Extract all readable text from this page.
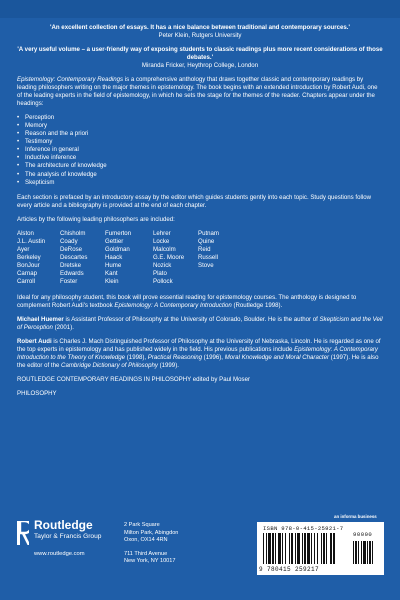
'An excellent collection of essays. It has a nice balance between traditional and contemporary sources.'
Peter Klein, Rutgers University
'A very useful volume – a user-friendly way of exposing students to classic readings plus more recent considerations of those debates.'
Miranda Fricker, Heythrop College, London

Epistemology: Contemporary Readings is a comprehensive anthology that draws together classic and contemporary readings by leading philosophers writing on the major themes in epistemology. The book begins with an extended introduction by Robert Audi, one of the leading experts in the field of epistemology, in which he sets the stage for the themes of the reader. Chapters appear under the headings:

• Perception
• Memory
• Reason and the a priori
• Testimony
• Inference in general
• Inductive inference
• The architecture of knowledge
• The analysis of knowledge
• Skepticism

Each section is prefaced by an introductory essay by the editor which guides students gently into each topic. Study questions follow every article and a bibliography is provided at the end of each chapter.

Articles by the following leading philosophers are included:

Alston
J.L. Austin
Ayer
Berkeley
BonJour
Carnap
Carroll
Chisholm
Coady
DeRose
Descartes
Dretske
Edwards
Foster
Fumerton
Gettier
Goldman
Haack
Hume
Kant
Klein
Lehrer
Locke
Malcolm
G.E. Moore
Nozick
Plato
Pollock
Putnam
Quine
Reid
Russell
Stove

Ideal for any philosophy student, this book will prove essential reading for epistemology courses. The anthology is designed to complement Robert Audi's textbook Epistemology: A Contemporary Introduction (Routledge 1998).

Michael Huemer is Assistant Professor of Philosophy at the University of Colorado, Boulder. He is the author of Skepticism and the Veil of Perception (2001).

Robert Audi is Charles J. Mach Distinguished Professor of Philosophy at the University of Nebraska, Lincoln. He is regarded as one of the top experts in epistemology and has published widely in the field. His previous publications include Epistemology: A Contemporary Introduction to the Theory of Knowledge (1998), Practical Reasoning (1996), Moral Knowledge and Moral Character (1997). He is also the editor of the Cambridge Dictionary of Philosophy (1999).

ROUTLEDGE CONTEMPORARY READINGS IN PHILOSOPHY edited by Paul Moser

PHILOSOPHY

Routledge
Taylor & Francis Group
www.routledge.com
2 Park Square
Milton Park, Abingdon
Oxon, OX14 4RN
711 Third Avenue
New York, NY 10017
an informa business
ISBN 978-0-415-25921-7
90000
9 780415 259217
